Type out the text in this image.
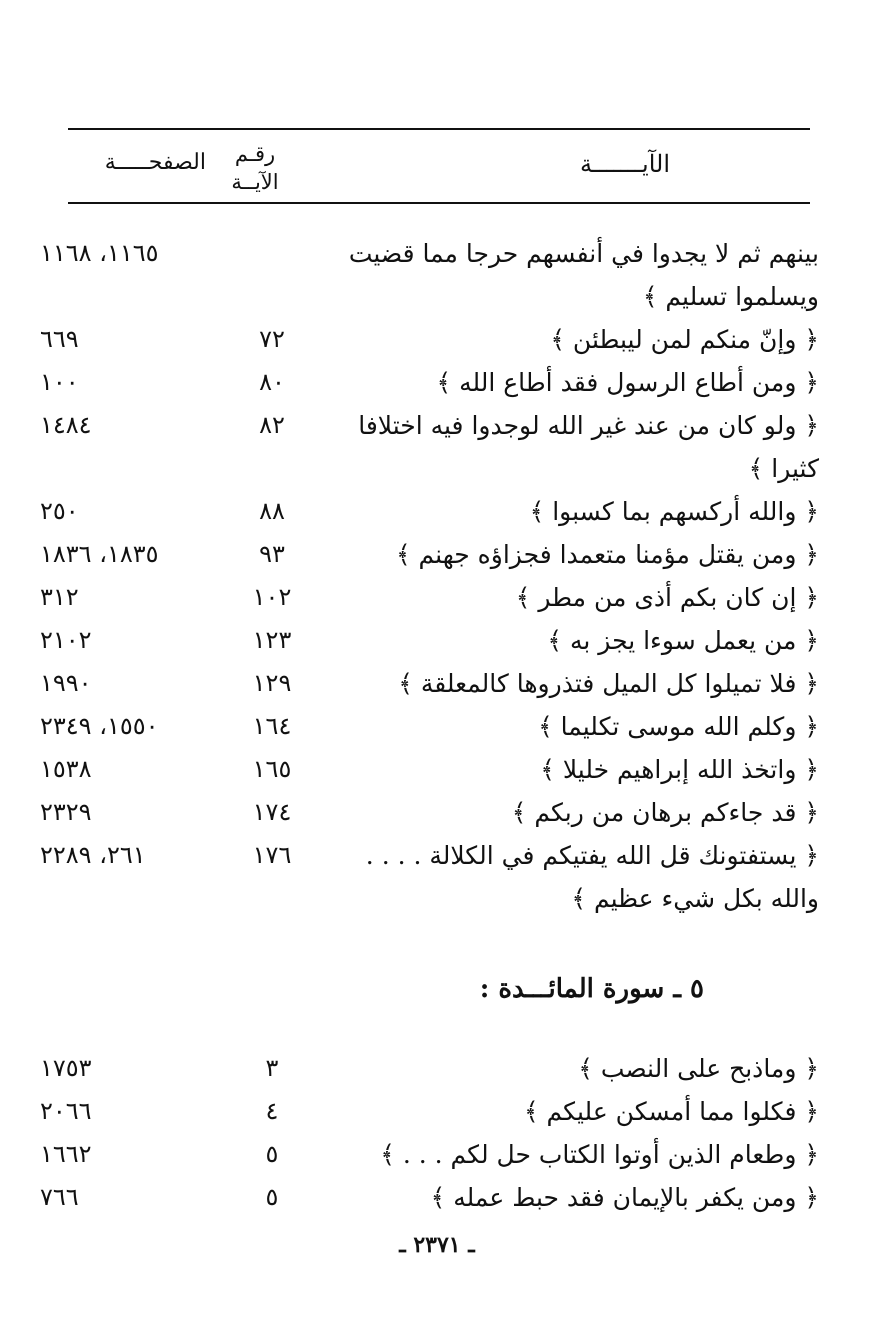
الآيـــــــة
رقـم
الآيــة
الصفحـــــة
بينهم ثم لا يجدوا في أنفسهم حرجا مما قضيت ويسلموا تسليم ﴾
١١٦٥، ١١٦٨
﴿ وإنّ منكم لمن ليبطئن ﴾
٧٢
٦٦٩
﴿ ومن أطاع الرسول فقد أطاع الله ﴾
٨٠
١٠٠
﴿ ولو كان من عند غير الله لوجدوا فيه اختلافا كثيرا ﴾
٨٢
١٤٨٤
﴿ والله أركسهم بما كسبوا ﴾
٨٨
٢٥٠
﴿ ومن يقتل مؤمنا متعمدا فجزاؤه جهنم ﴾
٩٣
١٨٣٥، ١٨٣٦
﴿ إن كان بكم أذى من مطر ﴾
١٠٢
٣١٢
﴿ من يعمل سوءا يجز به ﴾
١٢٣
٢١٠٢
﴿ فلا تميلوا كل الميل فتذروها كالمعلقة ﴾
١٢٩
١٩٩٠
﴿ وكلم الله موسى تكليما ﴾
١٦٤
١٥٥٠، ٢٣٤٩
﴿ واتخذ الله إبراهيم خليلا ﴾
١٦٥
١٥٣٨
﴿ قد جاءكم برهان من ربكم ﴾
١٧٤
٢٣٢٩
﴿ يستفتونك قل الله يفتيكم في الكلالة . . . . والله بكل شيء عظيم ﴾
١٧٦
٢٦١، ٢٢٨٩
٥ ـ سورة المائـــدة :
﴿ وماذبح على النصب ﴾
٣
١٧٥٣
﴿ فكلوا مما أمسكن عليكم ﴾
٤
٢٠٦٦
﴿ وطعام الذين أوتوا الكتاب حل لكم . . . ﴾
٥
١٦٦٢
﴿ ومن يكفر بالإيمان فقد حبط عمله ﴾
٥
٧٦٦
ـ ٢٣٧١ ـ
